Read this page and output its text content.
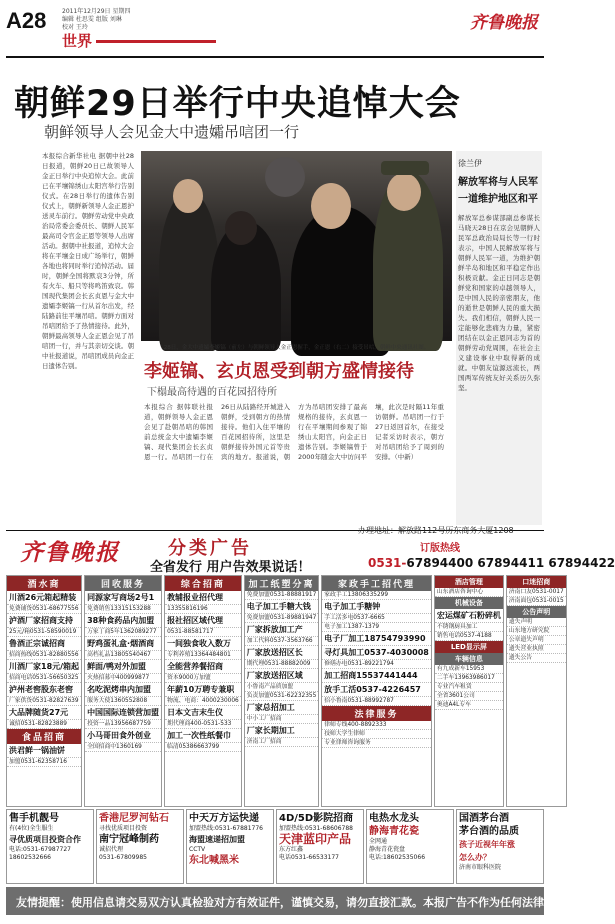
A28	2011年12月29日 星期四
编辑 杜思雯 组版 刘琳
校对 王玲
世界
齐鲁晚报
朝鲜29日举行中央追悼大会
朝鲜领导人会见金大中遗孀吊唁团一行
本报综合新华社电 据朝中社28日报道，朝鲜20日已故领导人金正日举行中央追悼大会。此前已在平壤锦绣山太阳宫举行告别仪式。在28日举行的遗体告别仪式上，朝鲜新领导人金正恩护送灵车前行。朝鲜劳动党中央政治局常委会委员长、朝鲜人民军最高司令官金正恩等领导人出席活动。据朝中社报道，追悼大会将在平壤金日成广场举行，朝鲜各地也将同时举行追悼活动。届时，朝鲜全国将默哀3分钟，所有火车、船只等将鸣笛致哀。韩国现代集团会长玄贞恩与金大中遗孀李姬镐一行从首尔出发，经陆路前往平壤吊唁。朝鲜方面对吊唁团给予了热情接待。此外，朝鲜最高领导人金正恩会见了吊唁团一行，并与其亲切交谈。朝中社报道说，吊唁团成员向金正日遗体告别。
28日，金大中遗孀李姬镐（前左）与朝鲜领导人金正恩握手，金正恩（右二）接受吊唁。朝鲜中央通讯社图。
徐兰伊
解放军将与人民军一道维护地区和平
解放军总参谋部副总参谋长马晓天28日在京会见朝鲜人民军总政治局局长等一行时表示，中国人民解放军将与朝鲜人民军一道，为维护朝鲜半岛和地区和平稳定作出积极贡献。金正日同志是朝鲜党和国家的卓越领导人，是中国人民的亲密朋友，他的逝世是朝鲜人民的重大损失。我们相信，朝鲜人民一定能够化悲痛为力量，紧密团结在以金正恩同志为首的朝鲜劳动党周围，在社会主义建设事业中取得新的成就。中朝友谊源远流长，两国两军传统友好关系历久弥坚。
李姬镐、玄贞恩受到朝方盛情接待
下榻最高待遇的百花园招待所
本报综合 据韩联社报道，朝鲜领导人金正恩会见了赴朝吊唁的韩国前总统金大中遗孀李姬镐、现代集团会长玄贞恩一行。吊唁团一行在26日从陆路经开城进入朝鲜，受到朝方的热情接待。他们入住平壤的百花园招待所，这里是朝鲜接待外国元首等贵宾的地方。报道说，朝方为吊唁团安排了最高规格的接待，玄贞恩一行在平壤期间参观了锦绣山太阳宫，向金正日遗体告别。李姬镐曾于2000年随金大中访问平壤，此次是时隔11年重访朝鲜。吊唁团一行于27日返回首尔，在接受记者采访时表示，朝方对吊唁团给予了周到的安排。（中新）
齐鲁晚报	分类广告
全省发行 用户告效果说话！
办理地址：解放路112号历东商务大厦1208
订版热线
0531-67894400 67894411 67894422
酒水商
川酒26元箱起精装
免费铺货0531-68677556
泸酒厂家招商支持
25元/箱0531-58590019
鲁酒正宗诚招商
招商热线0531-82880556
川酒厂家18元/箱起
招商电话0531-56650325
泸州老窖股东老窖
厂家供货0531-82827639
大品牌随货27元
诚招0531-82823889
食品招商
洪君鲜一锅油饼
加盟0531-62358716
回收服务
同源家写商场2号1
免费销售13315153288
38种食药品内加盟
万家丁商5年1362089277
野鸡蛋礼盒·烟酒商
高档礼品13805540467
鲜面/鸭对外加盟
火热招募中400999877
名吃泥烤串内加盟
服务大使1360552808
中国国际连锁营加盟
投资一品13956687759
小马哥田食外创业
全国招商中1360169
综合招商
教辅报业招代理
13355816196
报社招区域代理
0531-88581717
一间独食收入数万
专利养殖13364484801
全能营养餐招商
资本9000万加盟
年薪10万聘专兼职
物流、电商：4000230006
日本文吉末生仪
期代理商400-0531-533
加工一次性纸餐巾
临清05386663799
加工纸塑分离
免费加盟0531-88881917
电子加工手糖大钱
免费加盟0531-89881947
厂家拆放加工产
加工代料0537-3563766
厂家放送招区长
期代理0531-88882009
厂家放送招区域
小鲁南产品质加盟
负责加盟0531-62232355
厂家总招加工
中小工厂招商
厂家长期加工
济南工厂招商
家政手工招代理
家政手工13806335299
电子加工手糖钟
手工活多电0537-6665
电子加工1387-1379
电子厂加工18754793990
寻灯具加工0537-4030008
修缮办电0531-89221794
加工招商15537441444
放手工活0537-4226457
招小鲁南0531-88992787
法律服务
律师专线400-8892333
技师大学生律师
专业律师咨询服务
酒店管理
山东酒店咨询中心
机械设备
宏运煤矿石粉碎机
不锈钢厨具加工
销售电话0537-4188
LED显示屏
车辆信息
有九成新车15953
二手车13963986017
专业汽车租赁
全省3601公司
奥迪A4L专车
口迷招商
济南口友0531-0017
济南面包0531-0015
公告声明
遗失声明
山东地方研究院
公章遗失声明
遗失营业执照
遗失公告
售手机靓号
有(4位)全生服生
寻优质项目投资合作
电话:0531-67987727
18602532666
香港尼罗河钻石
寻找优质项目投资
南宁冠峰制药
诚招代理
0531-67809985
中天万方运快递
加盟热线:0531-67881776
海盟速递招加盟
CCTV
东北喊黑米
4D/5D影院招商
加盟热线:0531-68606788
天津蓝印产品
东方红鑫
电话0531-66533177
电热水龙头
静海青花瓷
全网通
静海青花瓷盘
电话:18602535066
国酒茅台酒
茅台酒的品质
孩子近视年年涨
怎么办？
济南市眼科医院
友情提醒：使用信息请交易双方认真检验对方有效证件，谨慎交易，请勿直接汇款。本报广告不作为任何法律依据。
